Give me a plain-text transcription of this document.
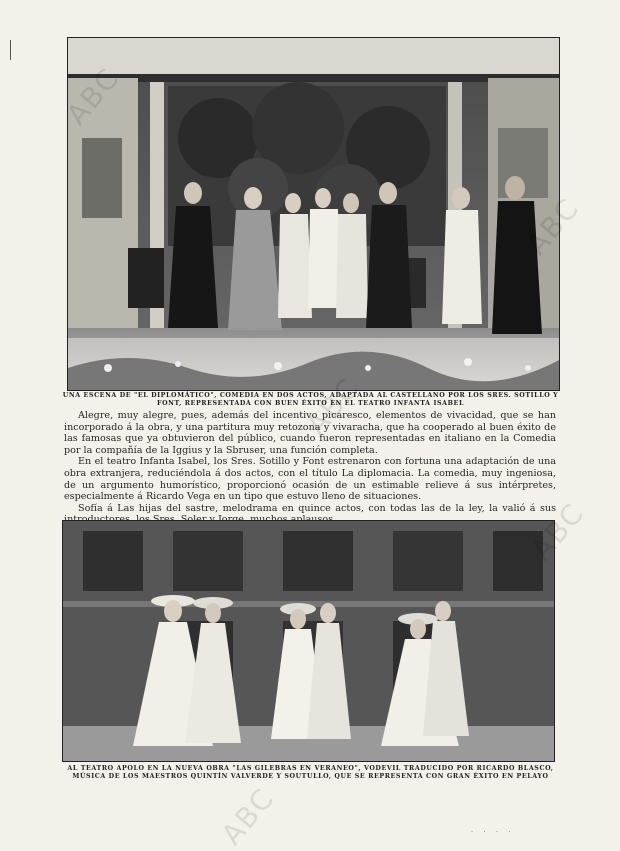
UNA ESCENA DE "EL DIPLOMÁTICO", COMEDIA EN DOS ACTOS, ADAPTADA AL CASTELLANO POR LOS SRES. SOTILLO Y FONT, REPRESENTADA CON BUEN ÉXITO EN EL TEATRO INFANTA ISABEL

Alegre, muy alegre, pues, además del incentivo picaresco, elementos de vivacidad, que se han incorporado á la obra, y una partitura muy retozona y vivaracha, que ha cooperado al buen éxito de las famosas que ya obtuvieron del público, cuando fueron representadas en italiano en la Comedia por la compañía de la Iggius y la Sbruser, una función completa.

En el teatro Infanta Isabel, los Sres. Sotillo y Font estrenaron con fortuna una adaptación de una obra extranjera, reduciéndola á dos actos, con el título La diplomacia. La comedia, muy ingeniosa, de un argumento humorístico, proporcionó ocasión de un estimable relieve á sus intérpretes, especialmente á Ricardo Vega en un tipo que estuvo lleno de situaciones.

Sofía á Las hijas del sastre, melodrama en quince actos, con todas las de la ley, la valió á sus

AL TEATRO APOLO EN LA NUEVA OBRA "LAS GILEBRAS EN VERANEO", VODEVIL TRADUCIDO POR RICARDO BLASCO, MÚSICA DE LOS MAESTROS QUINTÍN VALVERDE Y SOUTULLO, QUE SE REPRESENTA CON GRAN ÉXITO EN PELAYO
ABC
ABC
ABC	. . . .
